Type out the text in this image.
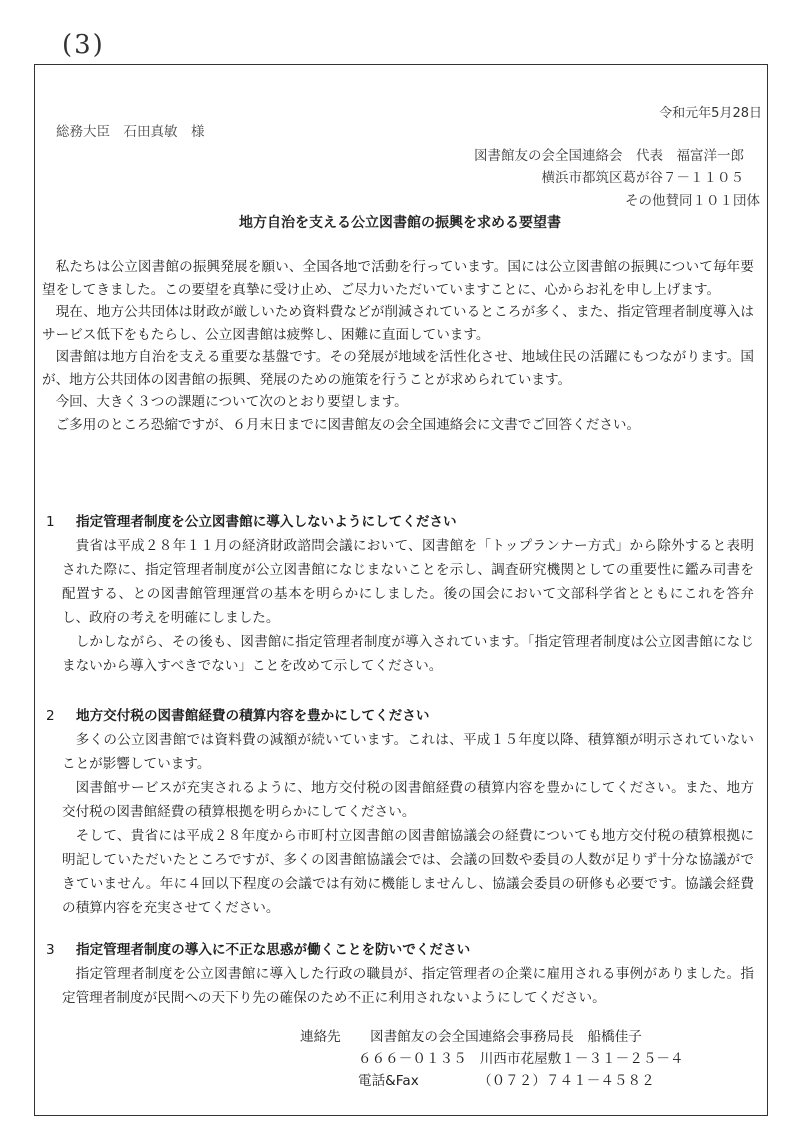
(3)
令和元年5月28日
総務大臣　石田真敏　様
図書館友の会全国連絡会　代表　福富洋一郎
横浜市都筑区葛が谷７－１１０５
その他賛同１０１団体
地方自治を支える公立図書館の振興を求める要望書

私たちは公立図書館の振興発展を願い、全国各地で活動を行っています。国には公立図書館の振興について毎年要望をしてきました。この要望を真摯に受け止め、ご尽力いただいていますことに、心からお礼を申し上げます。

現在、地方公共団体は財政が厳しいため資料費などが削減されているところが多く、また、指定管理者制度導入はサービス低下をもたらし、公立図書館は疲弊し、困難に直面しています。

図書館は地方自治を支える重要な基盤です。その発展が地域を活性化させ、地域住民の活躍にもつながります。国が、地方公共団体の図書館の振興、発展のための施策を行うことが求められています。

今回、大きく３つの課題について次のとおり要望します。

ご多用のところ恐縮ですが、６月末日までに図書館友の会全国連絡会に文書でご回答ください。

1	指定管理者制度を公立図書館に導入しないようにしてください

貴省は平成２８年１１月の経済財政諮問会議において、図書館を「トップランナー方式」から除外すると表明された際に、指定管理者制度が公立図書館になじまないことを示し、調査研究機関としての重要性に鑑み司書を配置する、との図書館管理運営の基本を明らかにしました。後の国会において文部科学省とともにこれを答弁し、政府の考えを明確にしました。

しかしながら、その後も、図書館に指定管理者制度が導入されています。「指定管理者制度は公立図書館になじまないから導入すべきでない」ことを改めて示してください。

2	地方交付税の図書館経費の積算内容を豊かにしてください

多くの公立図書館では資料費の減額が続いています。これは、平成１５年度以降、積算額が明示されていないことが影響しています。

図書館サービスが充実されるように、地方交付税の図書館経費の積算内容を豊かにしてください。また、地方交付税の図書館経費の積算根拠を明らかにしてください。

そして、貴省には平成２８年度から市町村立図書館の図書館協議会の経費についても地方交付税の積算根拠に明記していただいたところですが、多くの図書館協議会では、会議の回数や委員の人数が足りず十分な協議ができていません。年に４回以下程度の会議では有効に機能しませんし、協議会委員の研修も必要です。協議会経費の積算内容を充実させてください。

3	指定管理者制度の導入に不正な思惑が働くことを防いでください

指定管理者制度を公立図書館に導入した行政の職員が、指定管理者の企業に雇用される事例がありました。指定管理者制度が民間への天下り先の確保のため不正に利用されないようにしてください。

連絡先	図書館友の会全国連絡会事務局長　船橋佳子
６６６－０１３５
川西市花屋敷１－３１－２５－４
電話&Fax	（０７２）７４１－４５８２
